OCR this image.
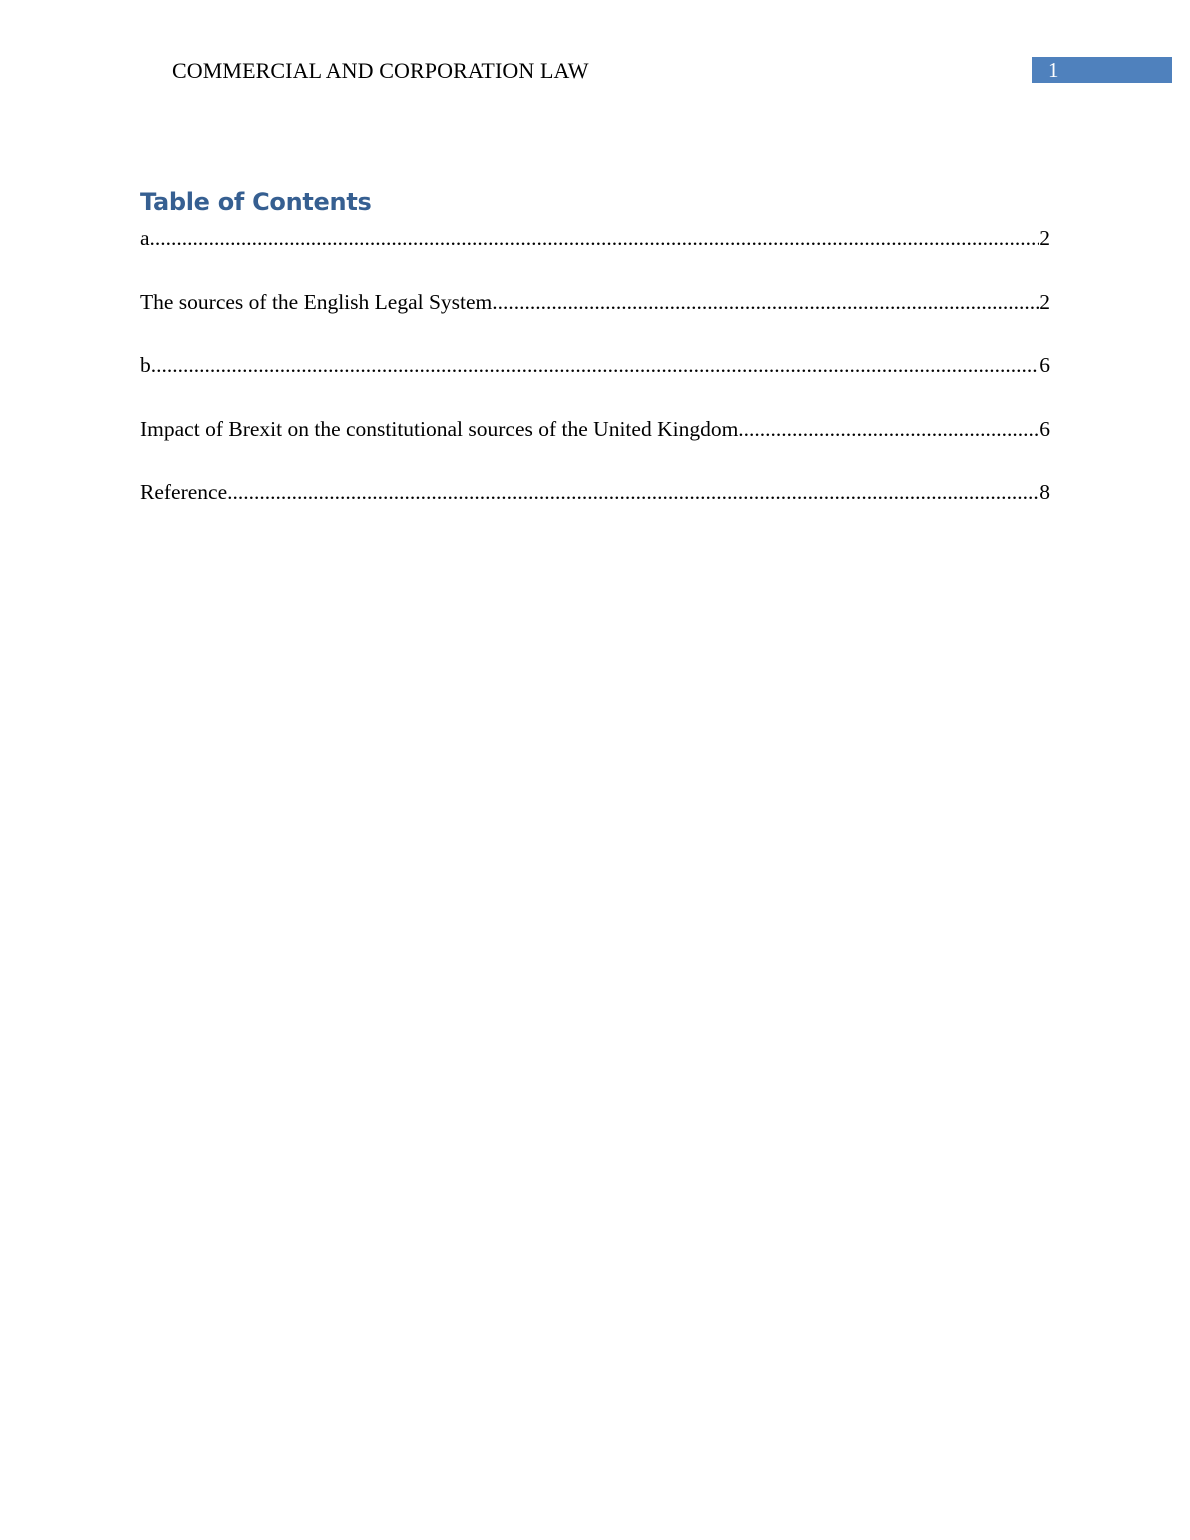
COMMERCIAL AND CORPORATION LAW	1
Table of Contents
a .....	2
The sources of the English Legal System .....	2
b .....	6
Impact of Brexit on the constitutional sources of the United Kingdom .....	6
Reference .....	8
